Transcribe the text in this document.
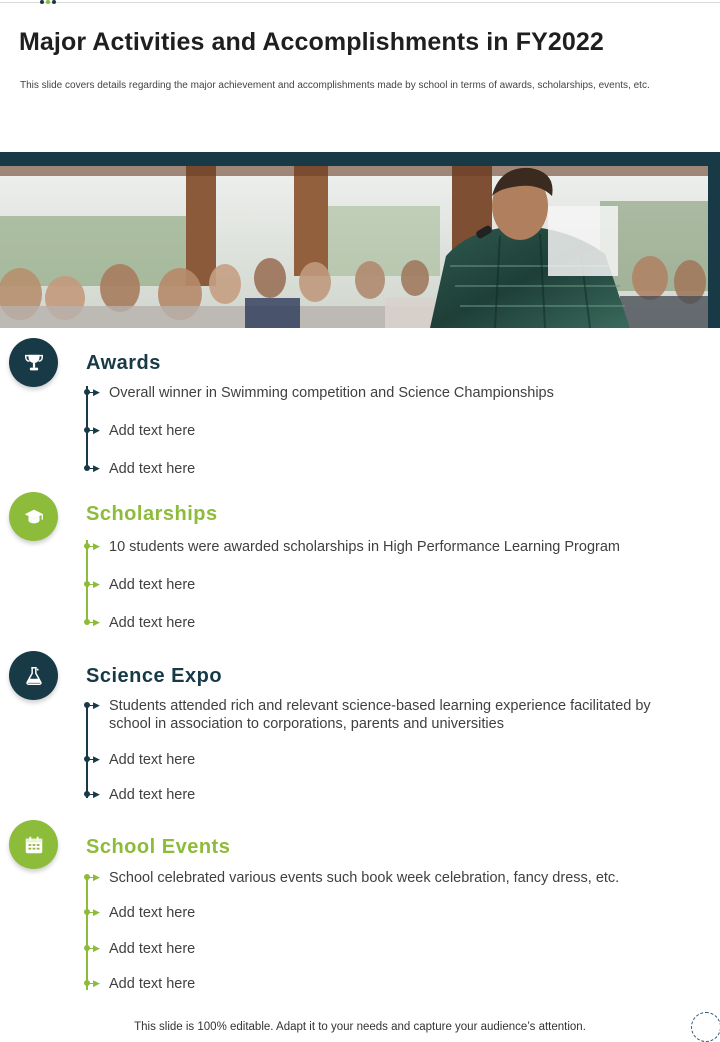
Major Activities and Accomplishments in FY2022

This slide covers details regarding the major achievement and accomplishments made by school in terms of awards, scholarships, events, etc.

Awards
▶ Overall winner in Swimming competition and Science Championships
▶ Add text here
▶ Add text here
Scholarships
▶ 10 students were awarded scholarships in High Performance Learning Program
▶ Add text here
▶ Add text here
Science Expo
▶ Students attended rich and relevant science-based learning experience facilitated by school in association to corporations, parents and universities
▶ Add text here
▶ Add text here
School Events
▶ School celebrated various events such book week celebration, fancy dress, etc.
▶ Add text here
▶ Add text here
▶ Add text here

This slide is 100% editable. Adapt it to your needs and capture your audience’s attention.
